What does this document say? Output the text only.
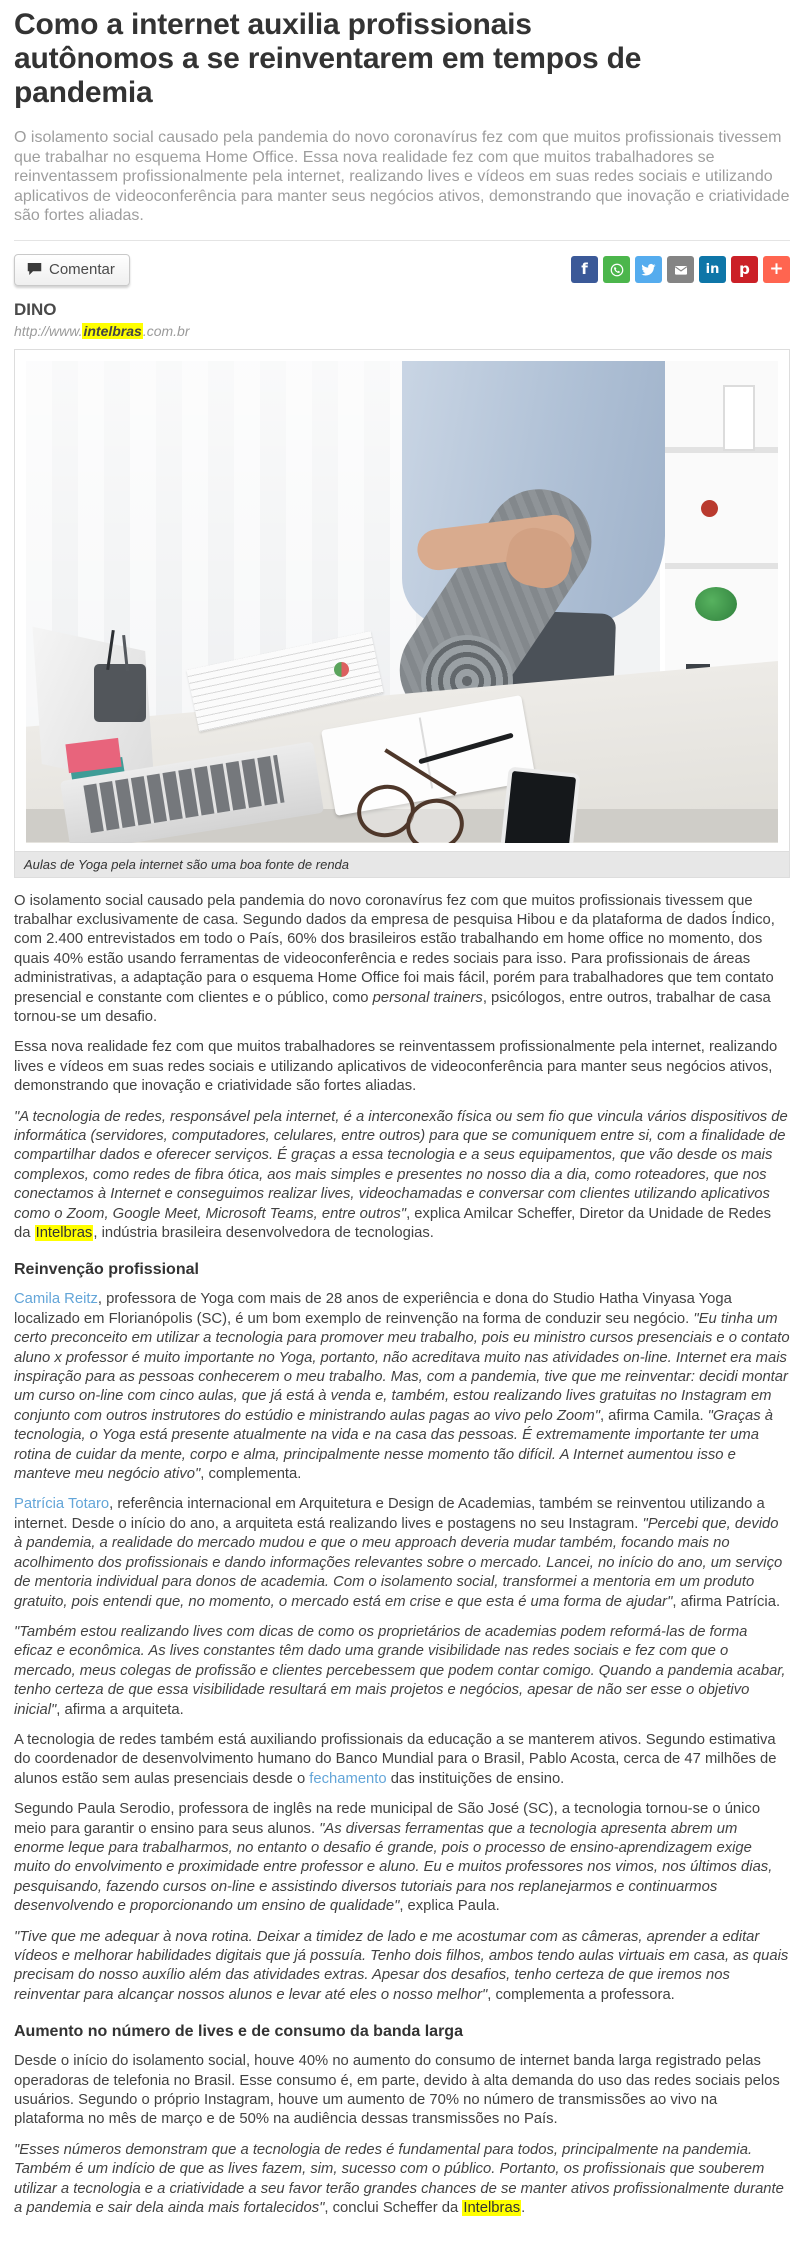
Como a internet auxilia profissionais autônomos a se reinventarem em tempos de pandemia

O isolamento social causado pela pandemia do novo coronavírus fez com que muitos profissionais tivessem que trabalhar no esquema Home Office. Essa nova realidade fez com que muitos trabalhadores se reinventassem profissionalmente pela internet, realizando lives e vídeos em suas redes sociais e utilizando aplicativos de videoconferência para manter seus negócios ativos, demonstrando que inovação e criatividade são fortes aliadas.

Comentar	f	in p +
DINO
http://www.intelbras.com.br
Aulas de Yoga pela internet são uma boa fonte de renda

O isolamento social causado pela pandemia do novo coronavírus fez com que muitos profissionais tivessem que trabalhar exclusivamente de casa. Segundo dados da empresa de pesquisa Hibou e da plataforma de dados Índico, com 2.400 entrevistados em todo o País, 60% dos brasileiros estão trabalhando em home office no momento, dos quais 40% estão usando ferramentas de videoconferência e redes sociais para isso. Para profissionais de áreas administrativas, a adaptação para o esquema Home Office foi mais fácil, porém para trabalhadores que tem contato presencial e constante com clientes e o público, como personal trainers, psicólogos, entre outros, trabalhar de casa tornou-se um desafio.

Essa nova realidade fez com que muitos trabalhadores se reinventassem profissionalmente pela internet, realizando lives e vídeos em suas redes sociais e utilizando aplicativos de videoconferência para manter seus negócios ativos, demonstrando que inovação e criatividade são fortes aliadas.

"A tecnologia de redes, responsável pela internet, é a interconexão física ou sem fio que vincula vários dispositivos de informática (servidores, computadores, celulares, entre outros) para que se comuniquem entre si, com a finalidade de compartilhar dados e oferecer serviços. É graças a essa tecnologia e a seus equipamentos, que vão desde os mais complexos, como redes de fibra ótica, aos mais simples e presentes no nosso dia a dia, como roteadores, que nos conectamos à Internet e conseguimos realizar lives, videochamadas e conversar com clientes utilizando aplicativos como o Zoom, Google Meet, Microsoft Teams, entre outros", explica Amilcar Scheffer, Diretor da Unidade de Redes da Intelbras, indústria brasileira desenvolvedora de tecnologias.

Reinvenção profissional

Camila Reitz, professora de Yoga com mais de 28 anos de experiência e dona do Studio Hatha Vinyasa Yoga localizado em Florianópolis (SC), é um bom exemplo de reinvenção na forma de conduzir seu negócio. "Eu tinha um certo preconceito em utilizar a tecnologia para promover meu trabalho, pois eu ministro cursos presenciais e o contato aluno x professor é muito importante no Yoga, portanto, não acreditava muito nas atividades on-line. Internet era mais inspiração para as pessoas conhecerem o meu trabalho. Mas, com a pandemia, tive que me reinventar: decidi montar um curso on-line com cinco aulas, que já está à venda e, também, estou realizando lives gratuitas no Instagram em conjunto com outros instrutores do estúdio e ministrando aulas pagas ao vivo pelo Zoom", afirma Camila. "Graças à tecnologia, o Yoga está presente atualmente na vida e na casa das pessoas. É extremamente importante ter uma rotina de cuidar da mente, corpo e alma, principalmente nesse momento tão difícil. A Internet aumentou isso e manteve meu negócio ativo", complementa.

Patrícia Totaro, referência internacional em Arquitetura e Design de Academias, também se reinventou utilizando a internet. Desde o início do ano, a arquiteta está realizando lives e postagens no seu Instagram. "Percebi que, devido à pandemia, a realidade do mercado mudou e que o meu approach deveria mudar também, focando mais no acolhimento dos profissionais e dando informações relevantes sobre o mercado. Lancei, no início do ano, um serviço de mentoria individual para donos de academia. Com o isolamento social, transformei a mentoria em um produto gratuito, pois entendi que, no momento, o mercado está em crise e que esta é uma forma de ajudar", afirma Patrícia.

"Também estou realizando lives com dicas de como os proprietários de academias podem reformá-las de forma eficaz e econômica. As lives constantes têm dado uma grande visibilidade nas redes sociais e fez com que o mercado, meus colegas de profissão e clientes percebessem que podem contar comigo. Quando a pandemia acabar, tenho certeza de que essa visibilidade resultará em mais projetos e negócios, apesar de não ser esse o objetivo inicial", afirma a arquiteta.

A tecnologia de redes também está auxiliando profissionais da educação a se manterem ativos. Segundo estimativa do coordenador de desenvolvimento humano do Banco Mundial para o Brasil, Pablo Acosta, cerca de 47 milhões de alunos estão sem aulas presenciais desde o fechamento das instituições de ensino.

Segundo Paula Serodio, professora de inglês na rede municipal de São José (SC), a tecnologia tornou-se o único meio para garantir o ensino para seus alunos. "As diversas ferramentas que a tecnologia apresenta abrem um enorme leque para trabalharmos, no entanto o desafio é grande, pois o processo de ensino-aprendizagem exige muito do envolvimento e proximidade entre professor e aluno. Eu e muitos professores nos vimos, nos últimos dias, pesquisando, fazendo cursos on-line e assistindo diversos tutoriais para nos replanejarmos e continuarmos desenvolvendo e proporcionando um ensino de qualidade", explica Paula.

"Tive que me adequar à nova rotina. Deixar a timidez de lado e me acostumar com as câmeras, aprender a editar vídeos e melhorar habilidades digitais que já possuía. Tenho dois filhos, ambos tendo aulas virtuais em casa, as quais precisam do nosso auxílio além das atividades extras. Apesar dos desafios, tenho certeza de que iremos nos reinventar para alcançar nossos alunos e levar até eles o nosso melhor", complementa a professora.

Aumento no número de lives e de consumo da banda larga

Desde o início do isolamento social, houve 40% no aumento do consumo de internet banda larga registrado pelas operadoras de telefonia no Brasil. Esse consumo é, em parte, devido à alta demanda do uso das redes sociais pelos usuários. Segundo o próprio Instagram, houve um aumento de 70% no número de transmissões ao vivo na plataforma no mês de março e de 50% na audiência dessas transmissões no País.

"Esses números demonstram que a tecnologia de redes é fundamental para todos, principalmente na pandemia. Também é um indício de que as lives fazem, sim, sucesso com o público. Portanto, os profissionais que souberem utilizar a tecnologia e a criatividade a seu favor terão grandes chances de se manter ativos profissionalmente durante a pandemia e sair dela ainda mais fortalecidos", conclui Scheffer da Intelbras.
